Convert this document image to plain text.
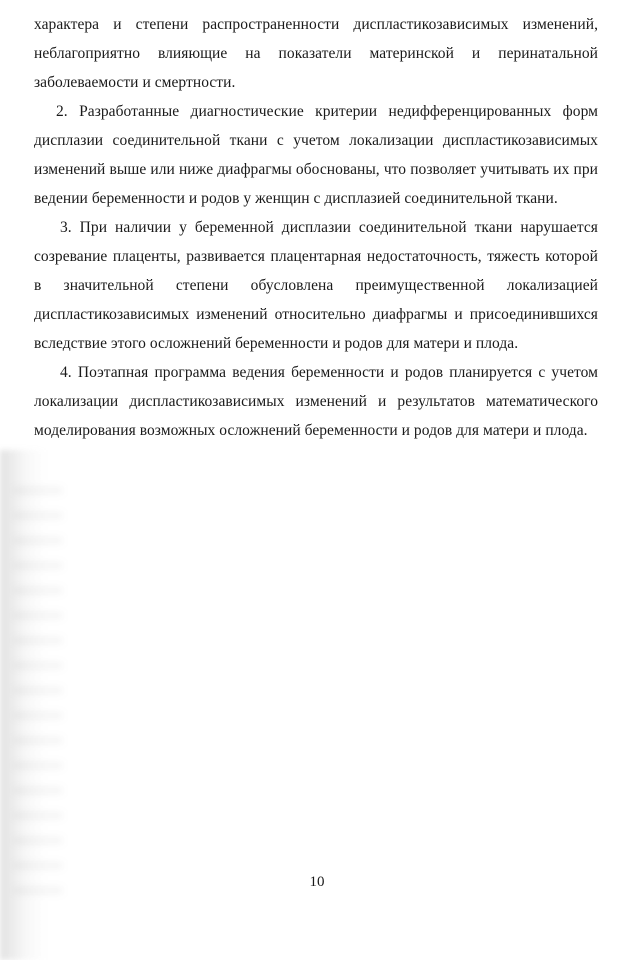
характера и степени распространенности диспластикозависимых изменений, неблагоприятно влияющие на показатели материнской и перинатальной заболеваемости и смертности.

2. Разработанные диагностические критерии недифференцированных форм дисплазии соединительной ткани с учетом локализации диспластикозависимых изменений выше или ниже диафрагмы обоснованы, что позволяет учитывать их при ведении беременности и родов у женщин с дисплазией соединительной ткани.

3. При наличии у беременной дисплазии соединительной ткани нарушается созревание плаценты, развивается плацентарная недостаточность, тяжесть которой в значительной степени обусловлена преимущественной локализацией диспластикозависимых изменений относительно диафрагмы и присоединившихся вследствие этого осложнений беременности и родов для матери и плода.

4. Поэтапная программа ведения беременности и родов планируется с учетом локализации диспластикозависимых изменений и результатов математического моделирования возможных осложнений беременности и родов для матери и плода.

10
